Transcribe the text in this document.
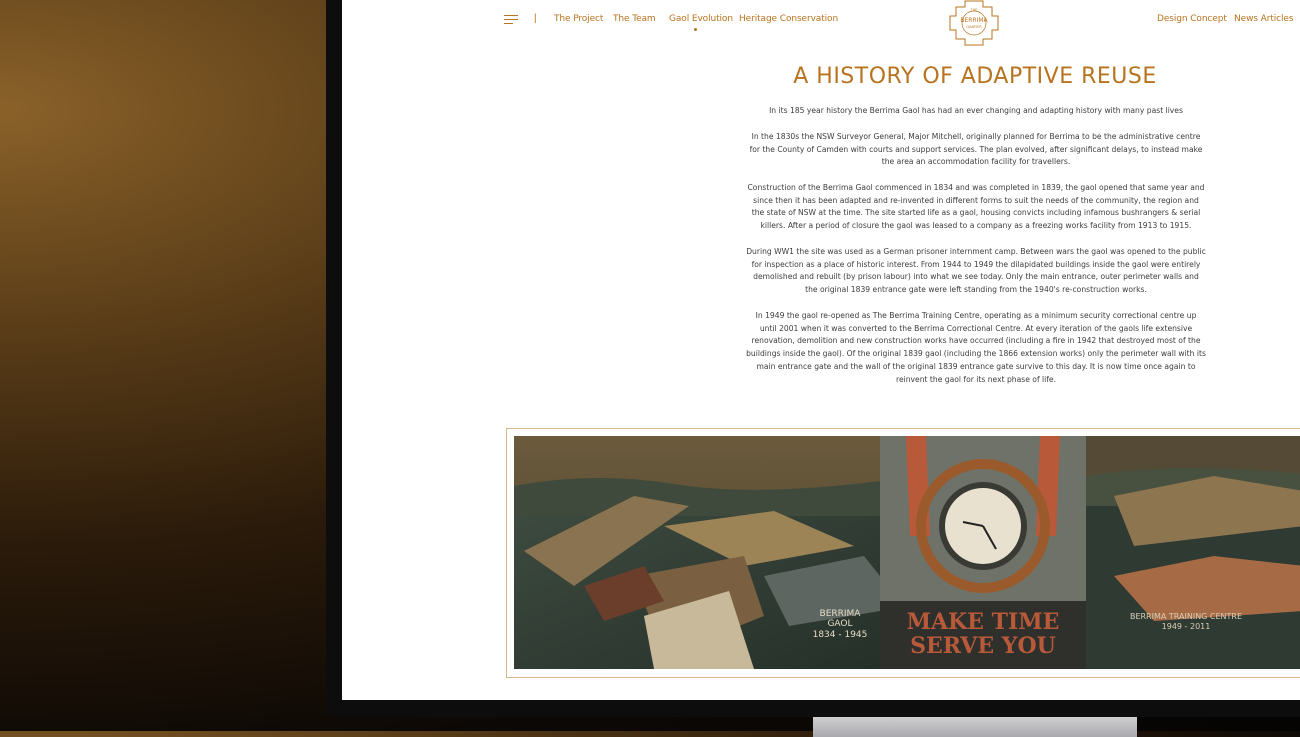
| The Project The Team Gaol Evolution Heritage Conservation
THE
BERRIMA
QUARTER
Design Concept News Articles
A HISTORY OF ADAPTIVE REUSE

In its 185 year history the Berrima Gaol has had an ever changing and adapting history with many past lives

In the 1830s the NSW Surveyor General, Major Mitchell, originally planned for Berrima to be the administrative centre for the County of Camden with courts and support services. The plan evolved, after significant delays, to instead make the area an accommodation facility for travellers.

Construction of the Berrima Gaol commenced in 1834 and was completed in 1839, the gaol opened that same year and since then it has been adapted and re-invented in different forms to suit the needs of the community, the region and the state of NSW at the time. The site started life as a gaol, housing convicts including infamous bushrangers & serial killers. After a period of closure the gaol was leased to a company as a freezing works facility from 1913 to 1915.

During WW1 the site was used as a German prisoner internment camp. Between wars the gaol was opened to the public for inspection as a place of historic interest. From 1944 to 1949 the dilapidated buildings inside the gaol were entirely demolished and rebuilt (by prison labour) into what we see today. Only the main entrance, outer perimeter walls and the original 1839 entrance gate were left standing from the 1940's re-construction works.

In 1949 the gaol re-opened as The Berrima Training Centre, operating as a minimum security correctional centre up until 2001 when it was converted to the Berrima Correctional Centre. At every iteration of the gaols life extensive renovation, demolition and new construction works have occurred (including a fire in 1942 that destroyed most of the buildings inside the gaol). Of the original 1839 gaol (including the 1866 extension works) only the perimeter wall with its main entrance gate and the wall of the original 1839 entrance gate survive to this day. It is now time once again to reinvent the gaol for its next phase of life.

BERRIMA
GAOL
1834 - 1945 MAKE TIME
SERVE YOU
BERRIMA TRAINING CENTRE
1949 - 2011
